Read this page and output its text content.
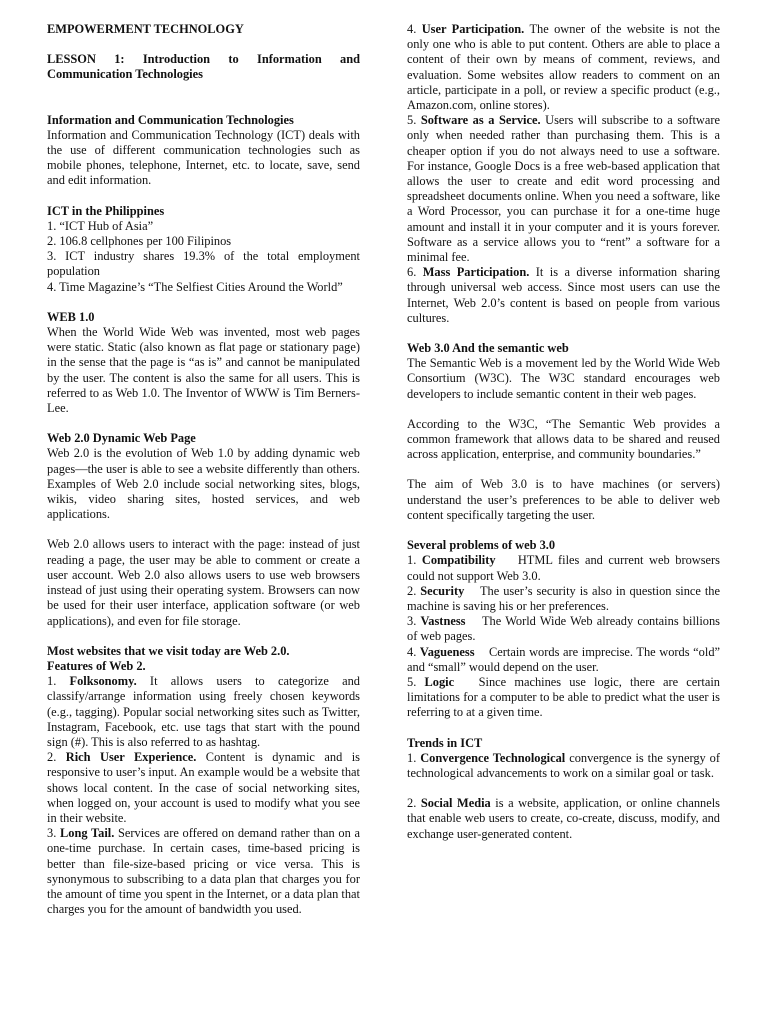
EMPOWERMENT TECHNOLOGY

LESSON 1: Introduction to Information and Communication Technologies

Information and Communication Technologies

Information and Communication Technology (ICT) deals with the use of different communication technologies such as mobile phones, telephone, Internet, etc. to locate, save, send and edit information.

ICT in the Philippines

1. “ICT Hub of Asia”

2. 106.8 cellphones per 100 Filipinos

3. ICT industry shares 19.3% of the total employment population

4. Time Magazine’s “The Selfiest Cities Around the World”

WEB 1.0

When the World Wide Web was invented, most web pages were static. Static (also known as flat page or stationary page) in the sense that the page is “as is” and cannot be manipulated by the user. The content is also the same for all users. This is referred to as Web 1.0. The Inventor of WWW is Tim Berners-Lee.

Web 2.0 Dynamic Web Page

Web 2.0 is the evolution of Web 1.0 by adding dynamic web pages—the user is able to see a website differently than others. Examples of Web 2.0 include social networking sites, blogs, wikis, video sharing sites, hosted services, and web applications.

Web 2.0 allows users to interact with the page: instead of just reading a page, the user may be able to comment or create a user account. Web 2.0 also allows users to use web browsers instead of just using their operating system. Browsers can now be used for their user interface, application software (or web applications), and even for file storage.

Most websites that we visit today are Web 2.0.

Features of Web 2.

1. Folksonomy. It allows users to categorize and classify/arrange information using freely chosen keywords (e.g., tagging). Popular social networking sites such as Twitter, Instagram, Facebook, etc. use tags that start with the pound sign (#). This is also referred to as hashtag.

2. Rich User Experience. Content is dynamic and is responsive to user’s input. An example would be a website that shows local content. In the case of social networking sites, when logged on, your account is used to modify what you see in their website.

3. Long Tail. Services are offered on demand rather than on a one-time purchase. In certain cases, time-based pricing is better than file-size-based pricing or vice versa. This is synonymous to subscribing to a data plan that charges you for the amount of time you spent in the Internet, or a data plan that charges you for the amount of bandwidth you used.

4. User Participation. The owner of the website is not the only one who is able to put content. Others are able to place a content of their own by means of comment, reviews, and evaluation. Some websites allow readers to comment on an article, participate in a poll, or review a specific product (e.g., Amazon.com, online stores).

5. Software as a Service. Users will subscribe to a software only when needed rather than purchasing them. This is a cheaper option if you do not always need to use a software. For instance, Google Docs is a free web-based application that allows the user to create and edit word processing and spreadsheet documents online. When you need a software, like a Word Processor, you can purchase it for a one-time huge amount and install it in your computer and it is yours forever. Software as a service allows you to “rent” a software for a minimal fee.

6. Mass Participation. It is a diverse information sharing through universal web access. Since most users can use the Internet, Web 2.0’s content is based on people from various cultures.

Web 3.0 And the semantic web

The Semantic Web is a movement led by the World Wide Web Consortium (W3C). The W3C standard encourages web developers to include semantic content in their web pages.

According to the W3C, “The Semantic Web provides a common framework that allows data to be shared and reused across application, enterprise, and community boundaries.”

The aim of Web 3.0 is to have machines (or servers) understand the user’s preferences to be able to deliver web content specifically targeting the user.

Several problems of web 3.0

1. Compatibility    HTML files and current web browsers could not support Web 3.0.

2. Security    The user’s security is also in question since the machine is saving his or her preferences.

3. Vastness    The World Wide Web already contains billions of web pages.

4. Vagueness    Certain words are imprecise. The words “old” and “small” would depend on the user.

5. Logic   Since machines use logic, there are certain limitations for a computer to be able to predict what the user is referring to at a given time.

Trends in ICT

1. Convergence Technological convergence is the synergy of technological advancements to work on a similar goal or task.

2. Social Media is a website, application, or online channels that enable web users to create, co-create, discuss, modify, and exchange user-generated content.
